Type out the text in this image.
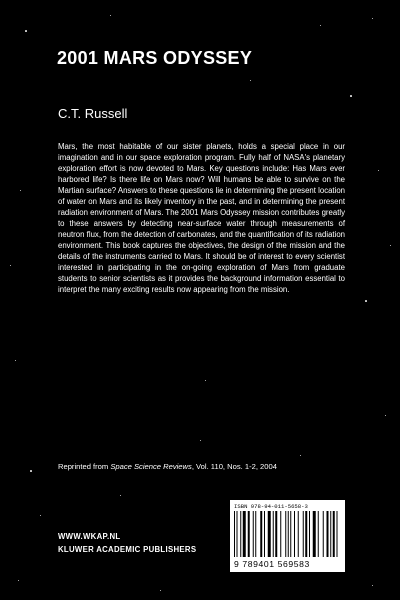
2001 MARS ODYSSEY
C.T. Russell

Mars, the most habitable of our sister planets, holds a special place in our imagination and in our space exploration program. Fully half of NASA's planetary exploration effort is now devoted to Mars. Key questions include: Has Mars ever harbored life? Is there life on Mars now? Will humans be able to survive on the Martian surface? Answers to these questions lie in determining the present location of water on Mars and its likely inventory in the past, and in determining the present radiation environment of Mars. The 2001 Mars Odyssey mission contributes greatly to these answers by detecting near-surface water through measurements of neutron flux, from the detection of carbonates, and the quantification of its radiation environment. This book captures the objectives, the design of the mission and the details of the instruments carried to Mars. It should be of interest to every scientist interested in participating in the on-going exploration of Mars from graduate students to senior scientists as it provides the background information essential to interpret the many exciting results now appearing from the mission.

Reprinted from Space Science Reviews, Vol. 110, Nos. 1-2, 2004

WWW.WKAP.NL

KLUWER ACADEMIC PUBLISHERS

ISBN 978-94-011-5658-3

9 789401 569583
